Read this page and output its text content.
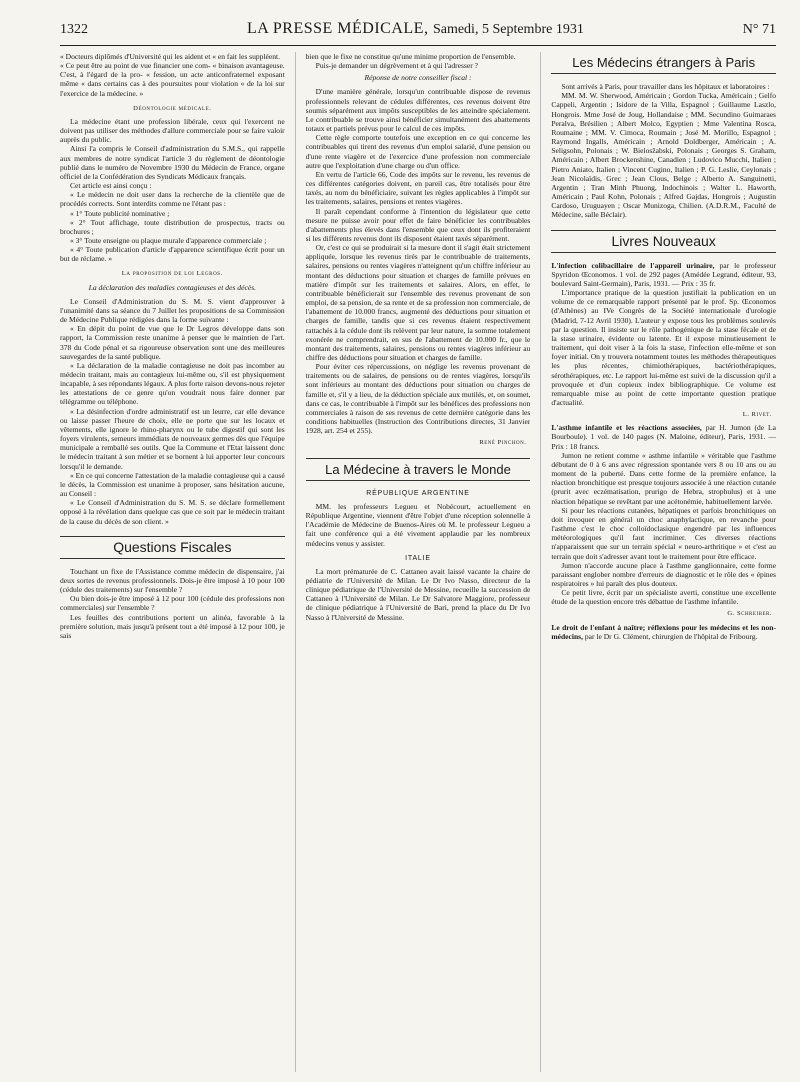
1322	LA PRESSE MÉDICALE, Samedi, 5 Septembre 1931	N° 71

« Docteurs diplômés d'Université qui les aident et « en fait les suppléent.

« Ce peut être au point de vue financier une com- « binaison avantageuse. C'est, à l'égard de la pro- « fession, un acte anticonfraternel exposant même « dans certains cas à des poursuites pour violation « de la loi sur l'exercice de la médecine. »

Déontologie médicale.

La médecine étant une profession libérale, ceux qui l'exercent ne doivent pas utiliser des méthodes d'allure commerciale pour se faire valoir auprès du public.

Ainsi l'a compris le Conseil d'administration du S.M.S., qui rappelle aux membres de notre syndicat l'article 3 du règlement de déontologie publié dans le numéro de Novembre 1930 du Médecin de France, organe officiel de la Confédération des Syndicats Médicaux français.

Cet article est ainsi conçu :

« Le médecin ne doit user dans la recherche de la clientèle que de procédés corrects. Sont interdits comme ne l'étant pas :

« 1° Toute publicité nominative ;

« 2° Tout affichage, toute distribution de prospectus, tracts ou brochures ;

« 3° Toute enseigne ou plaque murale d'apparence commerciale ;

« 4° Toute publication d'article d'apparence scientifique écrit pour un but de réclame. »

La proposition de loi Legros.
La déclaration des maladies contagieuses et des décès.

Le Conseil d'Administration du S. M. S. vient d'approuver à l'unanimité dans sa séance du 7 Juillet les propositions de sa Commission de Médecine Publique rédigées dans la forme suivante :

« En dépit du point de vue que le Dr Legros développe dans son rapport, la Commission reste unanime à penser que le maintien de l'art. 378 du Code pénal et sa rigoureuse observation sont une des meilleures sauvegardes de la santé publique.

« La déclaration de la maladie contagieuse ne doit pas incomber au médecin traitant, mais au contagieux lui-même ou, s'il est physiquement incapable, à ses répondants légaux. A plus forte raison devons-nous rejeter les attestations de ce genre qu'on voudrait nous faire donner par télégramme ou téléphone.

« La désinfection d'ordre administratif est un leurre, car elle devance ou laisse passer l'heure de choix, elle ne porte que sur les locaux et vêtements, elle ignore le rhino-pharynx ou le tube digestif qui sont les foyers virulents, semeurs immédiats de nouveaux germes dès que l'équipe municipale a remballé ses outils. Que la Commune et l'Etat laissent donc le médecin traitant à son métier et se bornent à lui apporter leur concours lorsqu'il le demande.

« En ce qui concerne l'attestation de la maladie contagieuse qui a causé le décès, la Commission est unanime à proposer, sans hésitation aucune, au Conseil :

« Le Conseil d'Administration du S. M. S. se déclare formellement opposé à la révélation dans quelque cas que ce soit par le médecin traitant de la cause du décès de son client. »

Questions Fiscales

Touchant un fixe de l'Assistance comme médecin de dispensaire, j'ai deux sortes de revenus professionnels. Dois-je être imposé à 10 pour 100 (cédule des traitements) sur l'ensemble ?

Ou bien dois-je être imposé à 12 pour 100 (cédule des professions non commerciales) sur l'ensemble ?

Les feuilles des contributions portent un alinéa, favorable à la première solution, mais jusqu'à présent tout a été imposé à 12 pour 100, je sais

bien que le fixe ne constitue qu'une minime proportion de l'ensemble.

Puis-je demander un dégrèvement et à qui l'adresser ?

Réponse de notre conseiller fiscal :

D'une manière générale, lorsqu'un contribuable dispose de revenus professionnels relevant de cédules différentes, ces revenus doivent être soumis séparément aux impôts susceptibles de les atteindre spécialement. Le contribuable se trouve ainsi bénéficier simultanément des abattements totaux et partiels prévus pour le calcul de ces impôts.

Cette règle comporte toutefois une exception en ce qui concerne les contribuables qui tirent des revenus d'un emploi salarié, d'une pension ou d'une rente viagère et de l'exercice d'une profession non commerciale autre que l'exploitation d'une charge ou d'un office.

En vertu de l'article 66, Code des impôts sur le revenu, les revenus de ces différentes catégories doivent, en pareil cas, être totalisés pour être taxés, au nom du bénéficiaire, suivant les règles applicables à l'impôt sur les traitements, salaires, pensions et rentes viagères.

Il paraît cependant conforme à l'intention du législateur que cette mesure ne puisse avoir pour effet de faire bénéficier les contribuables d'abattements plus élevés dans l'ensemble que ceux dont ils profiteraient si les différents revenus dont ils disposent étaient taxés séparément.

Or, c'est ce qui se produirait si la mesure dont il s'agit était strictement appliquée, lorsque les revenus tirés par le contribuable de traitements, salaires, pensions ou rentes viagères n'atteignent qu'un chiffre inférieur au montant des déductions pour situation et charges de famille prévues en matière d'impôt sur les traitements et salaires. Alors, en effet, le contribuable bénéficierait sur l'ensemble des revenus provenant de son emploi, de sa pension, de sa rente et de sa profession non commerciale, de l'abattement de 10.000 francs, augmenté des déductions pour situation et charges de famille, tandis que si ces revenus étaient respectivement rattachés à la cédule dont ils relèvent par leur nature, la somme totalement exonérée ne comprendrait, en sus de l'abattement de 10.000 fr., que le montant des traitements, salaires, pensions ou rentes viagères inférieur au chiffre des déductions pour situation et charges de famille.

Pour éviter ces répercussions, on néglige les revenus provenant de traitements ou de salaires, de pensions ou de rentes viagères, lorsqu'ils sont inférieurs au montant des déductions pour situation ou charges de famille et, s'il y a lieu, de la déduction spéciale aux mutilés, et, on soumet, dans ce cas, le contribuable à l'impôt sur les bénéfices des professions non commerciales à raison de ses revenus de cette dernière catégorie dans les conditions habituelles (Instruction des Contributions directes, 31 Janvier 1928, art. 254 et 255).

René Pinchon.
La Médecine à travers le Monde
RÉPUBLIQUE ARGENTINE

MM. les professeurs Legueu et Nobécourt, actuellement en République Argentine, viennent d'être l'objet d'une réception solennelle à l'Académie de Médecine de Buenos-Aires où M. le professeur Legueu a fait une conférence qui a été vivement applaudie par les nombreux médecins venus y assister.

ITALIE

La mort prématurée de C. Cattaneo avait laissé vacante la chaire de pédiatrie de l'Université de Milan. Le Dr Ivo Nasso, directeur de la clinique pédiatrique de l'Université de Messine, recueille la succession de Cattaneo à l'Université de Milan. Le Dr Salvatore Maggiore, professeur de clinique pédiatrique à l'Université de Bari, prend la place du Dr Ivo Nasso à l'Université de Messine.

Les Médecins étrangers à Paris

Sont arrivés à Paris, pour travailler dans les hôpitaux et laboratoires :

MM. M. W. Sherwood, Américain ; Gordon Tucka, Américain ; Gelfo Cappeli, Argentin ; Isidore de la Villa, Espagnol ; Guillaume Laszlo, Hongrois. Mme José de Joug, Hollandaise ; MM. Secundino Guimaraes Peralva, Brésilien ; Albert Molco, Egyptien ; Mme Valentina Rosca, Roumaine ; MM. V. Cimoca, Roumain ; José M. Morillo, Espagnol ; Raymond Ingalls, Américain ; Arnold Doldberger, Américain ; A. Seligsohn, Polonais ; W. Bielosžabski, Polonais ; Georges S. Graham, Américain ; Albert Brockenshine, Canadien ; Ludovico Mucchi, Italien ; Pietro Aniato, Italien ; Vincent Cugino, Italien ; P. G. Leslie, Ceylonais ; Jean Nicolaïdis, Grec ; Jean Clous, Belge ; Alberto A. Sanguinetti, Argentin ; Tran Minh Phuong, Indochinois ; Walter L. Haworth, Américain ; Paul Kohn, Polonais ; Alfred Gajdas, Hongrois ; Augustin Cardoso, Uruguayen ; Oscar Munizoga, Chilien. (A.D.R.M., Faculté de Médecine, salle Béclair).

Livres Nouveaux

L'infection colibacillaire de l'appareil urinaire, par le professeur Spyridon Œconomos. 1 vol. de 292 pages (Amédée Legrand, éditeur, 93, boulevard Saint-Germain), Paris, 1931. — Prix : 35 fr.

L'importance pratique de la question justifiait la publication en un volume de ce remarquable rapport présenté par le prof. Sp. Œconomos (d'Athènes) au IVe Congrès de la Société internationale d'urologie (Madrid, 7-12 Avril 1930). L'auteur y expose tous les problèmes soulevés par la question. Il insiste sur le rôle pathogénique de la stase fécale et de la stase urinaire, évidente ou latente. Et il expose minutieusement le traitement, qui doit viser à la fois la stase, l'infection elle-même et son foyer initial. On y trouvera notamment toutes les méthodes thérapeutiques les plus récentes, chimiothérapiques, bactériothérapiques, sérothérapiques, etc. Le rapport lui-même est suivi de la discussion qu'il a provoquée et d'un copieux index bibliographique. Ce volume est remarquable mise au point de cette importante question pratique d'actualité.

L. Rivet.

L'asthme infantile et les réactions associées, par H. Jumon (de La Bourboule). 1 vol. de 140 pages (N. Maloine, éditeur), Paris, 1931. — Prix : 18 francs.

Jumon ne retient comme « asthme infantile » véritable que l'asthme débutant de 0 à 6 ans avec régression spontanée vers 8 ou 10 ans ou au moment de la puberté. Dans cette forme de la première enfance, la réaction bronchitique est presque toujours associée à une réaction cutanée (prurit avec eczématisation, prurigo de Hebra, strophulus) et à une réaction hépatique se revêtant par une acétonémie, habituellement larvée.

Si pour les réactions cutanées, hépatiques et parfois bronchitiques on doit invoquer en général un choc anaphylactique, en revanche pour l'asthme c'est le choc colloïdoclasique engendré par les influences météorologiques qu'il faut incriminer. Ces diverses réactions n'apparaissent que sur un terrain spécial « neuro-arthritique » et c'est au terrain que doit s'adresser avant tout le traitement pour être efficace.

Jumon n'accorde aucune place à l'asthme ganglionnaire, cette forme paraissant englober nombre d'erreurs de diagnostic et le rôle des « épines respiratoires » lui paraît des plus douteux.

Ce petit livre, écrit par un spécialiste averti, constitue une excellente étude de la question encore très débattue de l'asthme infantile.

G. Schreiber.

Le droit de l'enfant à naître; réflexions pour les médecins et les non-médecins, par le Dr G. Clément, chirurgien de l'hôpital de Fribourg.
